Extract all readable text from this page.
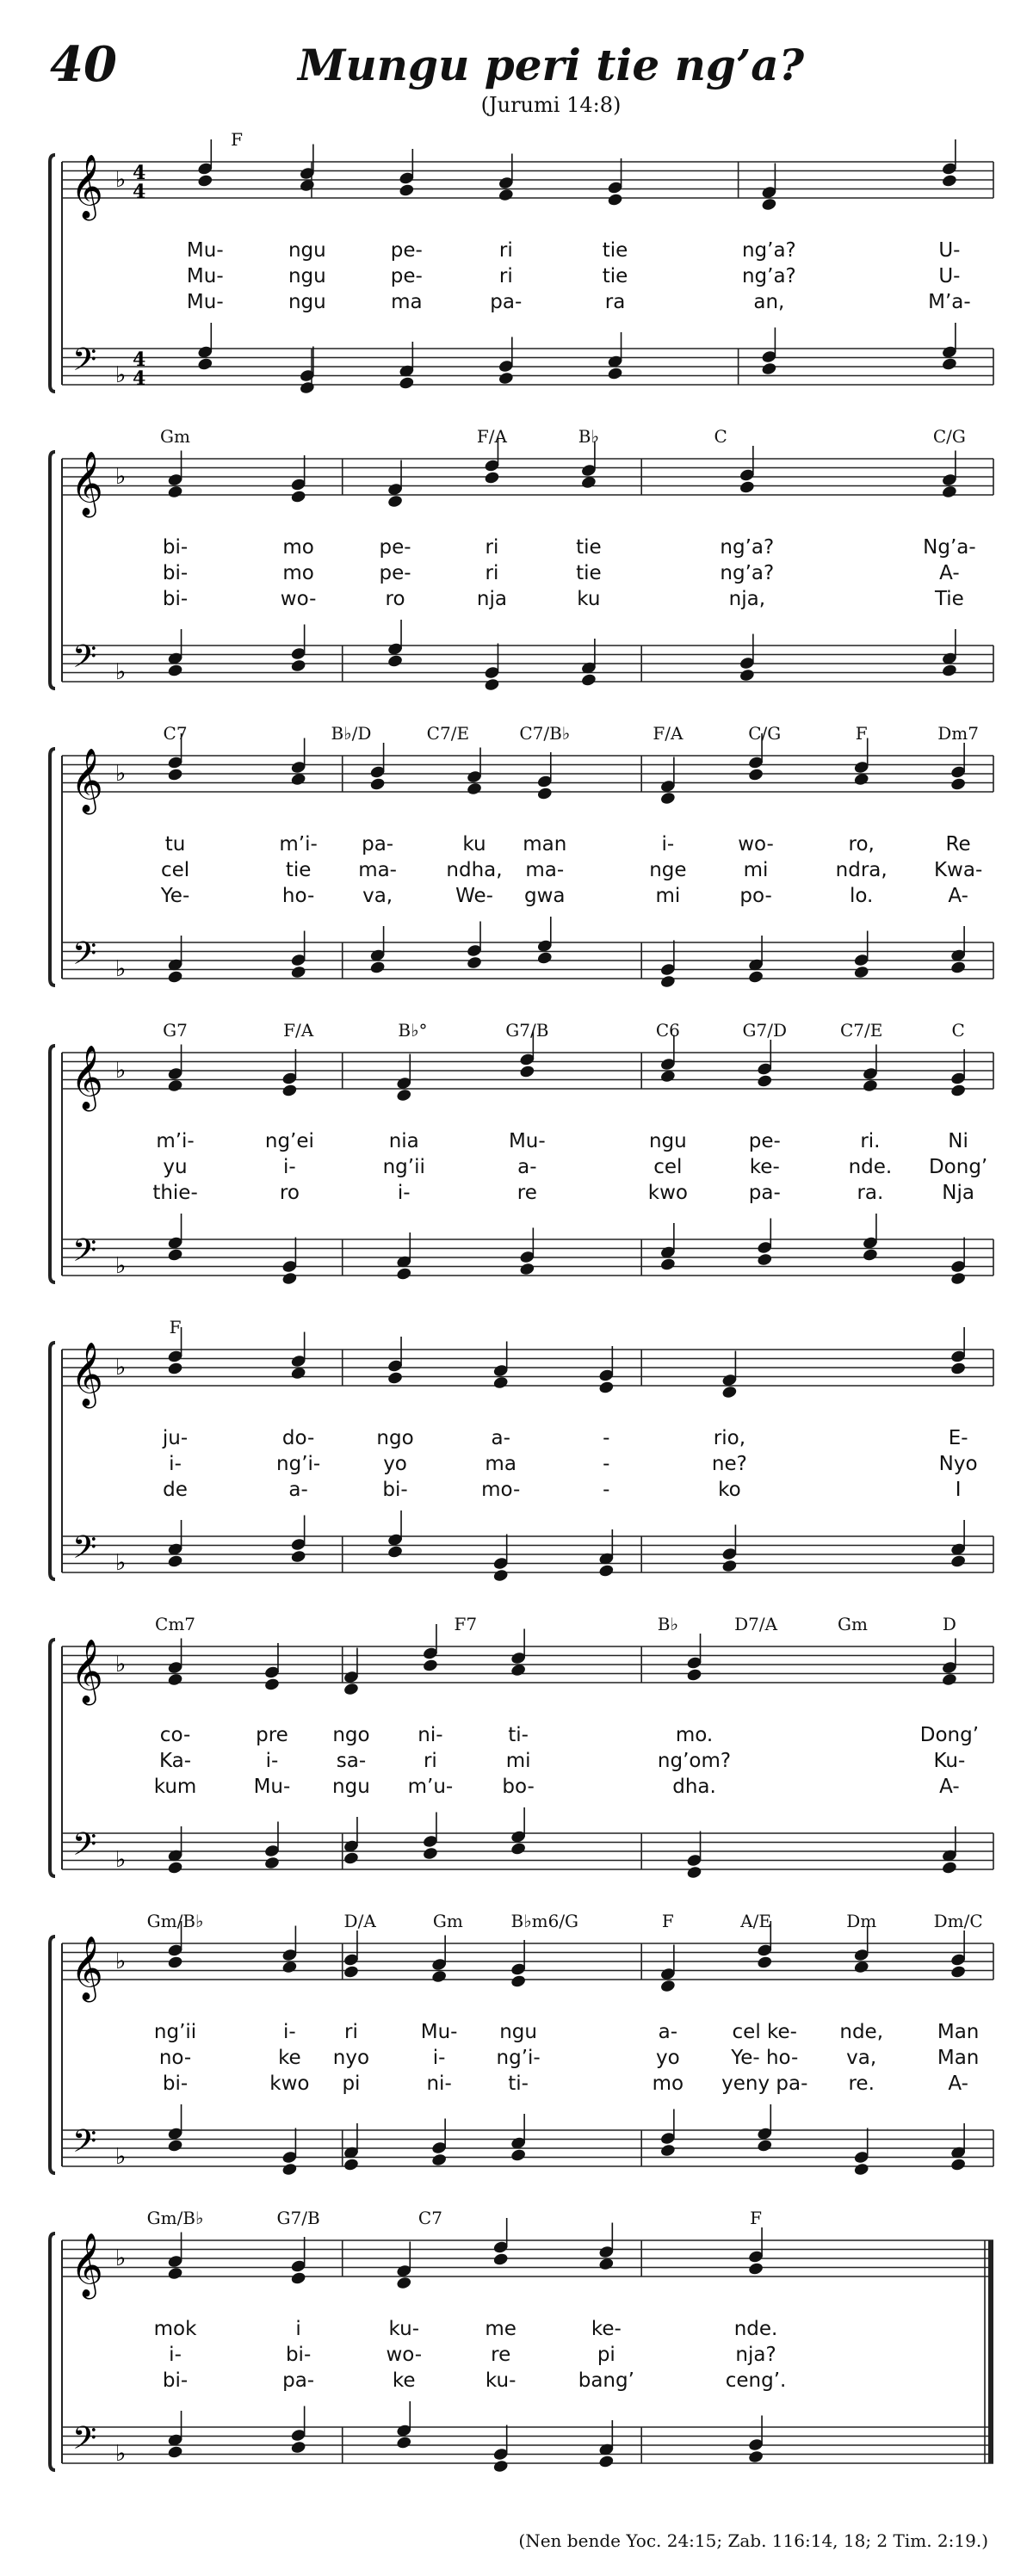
40	Mungu peri tie ng’a?
(Jurumi 14:8)
𝄞
𝄢
♭
♭
4
4
4
4
F
Mu-	ngu	pe-	ri	tie	ng’a?	U-
Mu-	ngu	pe-	ri	tie	ng’a?	U-
Mu-	ngu	ma	pa-	ra	an,	M’a-
𝄞
𝄢
♭
♭
Gm	F/A	B♭	C	C/G
bi-	mo	pe-	ri	tie	ng’a?	Ng’a-
bi-	mo	pe-	ri	tie	ng’a?	A-
bi-	wo-	ro	nja	ku	nja,	Tie
𝄞
𝄢
♭
♭
C7	B♭/D	C7/E	C7/B♭	F/A	C/G	F	Dm7
tu	m’i- pa-	ku man	i-	wo-	ro,	Re
cel	tie ma- ndha, ma-	nge	mi	ndra, Kwa-
Ye-	ho- va,	We- gwa	mi	po-	lo.	A-
𝄞
𝄢
♭
♭
G7	F/A	B♭°	G7/B	C6	G7/D	C7/E	C
m’i-	ng’ei	nia	Mu-	ngu	pe-	ri.	Ni
yu	i-	ng’ii	a-	cel	ke-	nde. Dong’
thie-	ro	i-	re	kwo	pa-	ra.	Nja
𝄞
𝄢
♭
♭
F
ju-	do-	ngo	a-	-	rio,	E-
i-	ng’i-	yo	ma	-	ne?	Nyo
de	a-	bi-	mo-	-	ko	I
𝄞
𝄢
♭
♭
Cm7	F7	B♭	D7/A	Gm	D
co-	pre ngo ni-	ti-	mo.	Dong’
Ka-	i-	sa-	ri	mi	ng’om?	Ku-
kum	Mu- ngu m’u- bo-	dha.	A-
𝄞
𝄢
♭
♭
Gm/B♭	D/A	Gm	B♭m6/G	F	A/E	Dm	Dm/C
ng’ii	i- ri	Mu- ngu	a-	cel ke- nde,	Man
no-	ke nyo	i-	ng’i-	yo	Ye- ho- va,	Man
bi-	kwo pi	ni-	ti-	mo yeny pa- re.	A-
𝄞
𝄢
♭
♭
Gm/B♭	G7/B	C7	F
mok	i	ku-	me	ke-	nde.
i-	bi-	wo-	re	pi	nja?
bi-	pa-	ke	ku-	bang’	ceng’.
(Nen bende Yoc. 24:15; Zab. 116:14, 18; 2 Tim. 2:19.)
